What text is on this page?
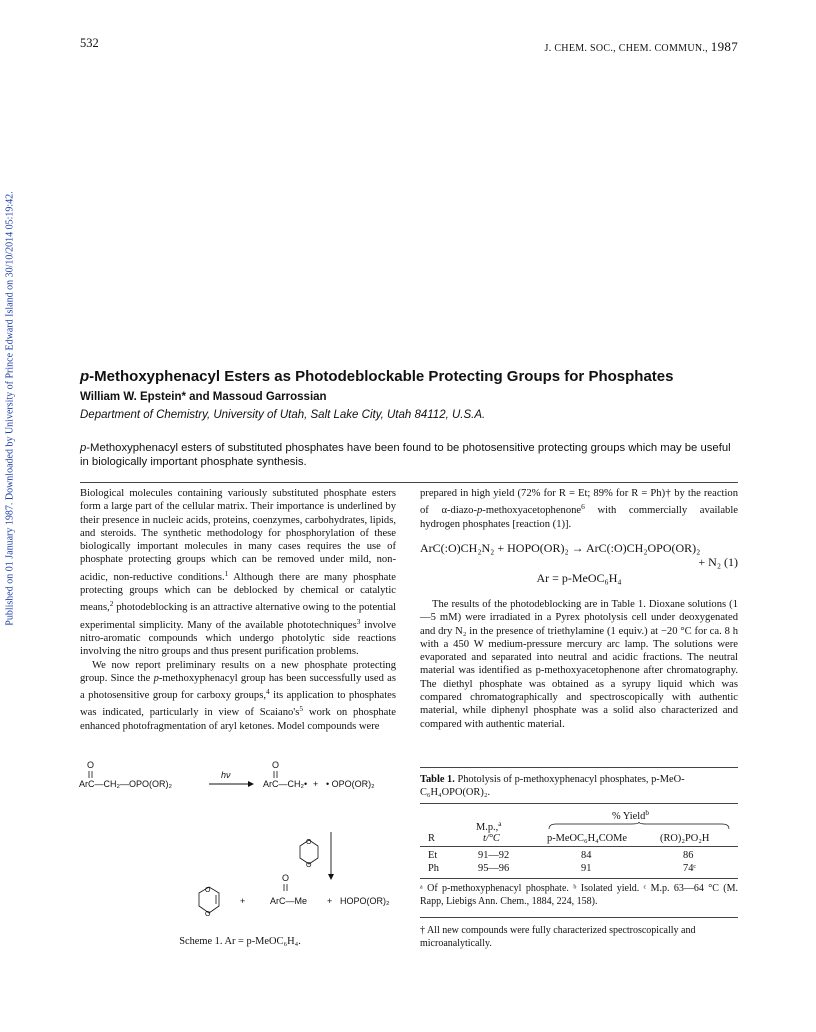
Published on 01 January 1987. Downloaded by University of Prince Edward Island on 30/10/2014 05:19:42.
532	J. CHEM. SOC., CHEM. COMMUN., 1987
p-Methoxyphenacyl Esters as Photodeblockable Protecting Groups for Phosphates
William W. Epstein* and Massoud Garrossian
Department of Chemistry, University of Utah, Salt Lake City, Utah 84112, U.S.A.
p-Methoxyphenacyl esters of substituted phosphates have been found to be photosensitive protecting groups which may be useful in biologically important phosphate synthesis.

Biological molecules containing variously substituted phosphate esters form a large part of the cellular matrix. Their importance is underlined by their presence in nucleic acids, proteins, coenzymes, carbohydrates, lipids, and steroids. The synthetic methodology for phosphorylation of these biologically important molecules in many cases requires the use of phosphate protecting groups which can be removed under mild, non-acidic, non-reductive conditions.$^1$ Although there are many phosphate protecting groups which can be deblocked by chemical or catalytic means,$^2$ photodeblocking is an attractive alternative owing to the potential experimental simplicity. Many of the available phototechniques$^3$ involve nitro-aromatic compounds which undergo photolytic side reactions involving the nitro groups and thus present purification problems.

We now report preliminary results on a new phosphate protecting group. Since the p-methoxyphenacyl group has been successfully used as a photosensitive group for carboxy groups,$^4$ its application to phosphates was indicated, particularly in view of $Scaiano's^5$ work on phosphate enhanced photofragmentation of aryl ketones. Model compounds were

prepared in high yield (72% for R = Et; 89% for R = Ph)† by the reaction of α-diazo-p-methoxyacetophenone$^6$ with commercially available hydrogen phosphates [reaction (1)].

ArC(:O)CH₂N₂ + HOPO(OR)₂ → ArC(:O)CH₂OPO(OR)₂
+ N₂ (1)
Ar = p-MeOC₆H₄

The results of the photodeblocking are in Table 1. Dioxane solutions (1—5 mM) were irradiated in a Pyrex photolysis cell under deoxygenated and dry N₂ in the presence of triethylamine (1 equiv.) at −20 °C for ca. 8 h with a 450 W medium-pressure mercury arc lamp. The solutions were evaporated and separated into neutral and acidic fractions. The neutral material was identified as p-methoxyacetophenone after chromatography. The diethyl phosphate was obtained as a syrupy liquid which was compared chromatographically and spectroscopically with authentic material, while diphenyl phosphate was a solid also characterized and compared with authentic material.

O
ArC—CH₂—OPO(OR)₂
hν
O
ArC—CH₂• + • OPO(OR)₂
O
O
O
O
+
O
ArC—Me + HOPO(OR)₂
Scheme 1. Ar = p-MeOC₆H₄.
Table 1. Photolysis of p-methoxyphenacyl phosphates, p-MeO-C₆H₄OPO(OR)₂.
% Yield$^b$
M.p.,$^a$
R	t/°C	p-MeOC₆H₄COMe	(RO)₂PO₂H
Et	91—92	84	86
Ph	95—96	91	74ᶜ
ᵃ Of p-methoxyphenacyl phosphate. ᵇ Isolated yield. ᶜ M.p. 63—64 °C (M. Rapp, Liebigs Ann. Chem., 1884, 224, 158).
† All new compounds were fully characterized spectroscopically and microanalytically.
